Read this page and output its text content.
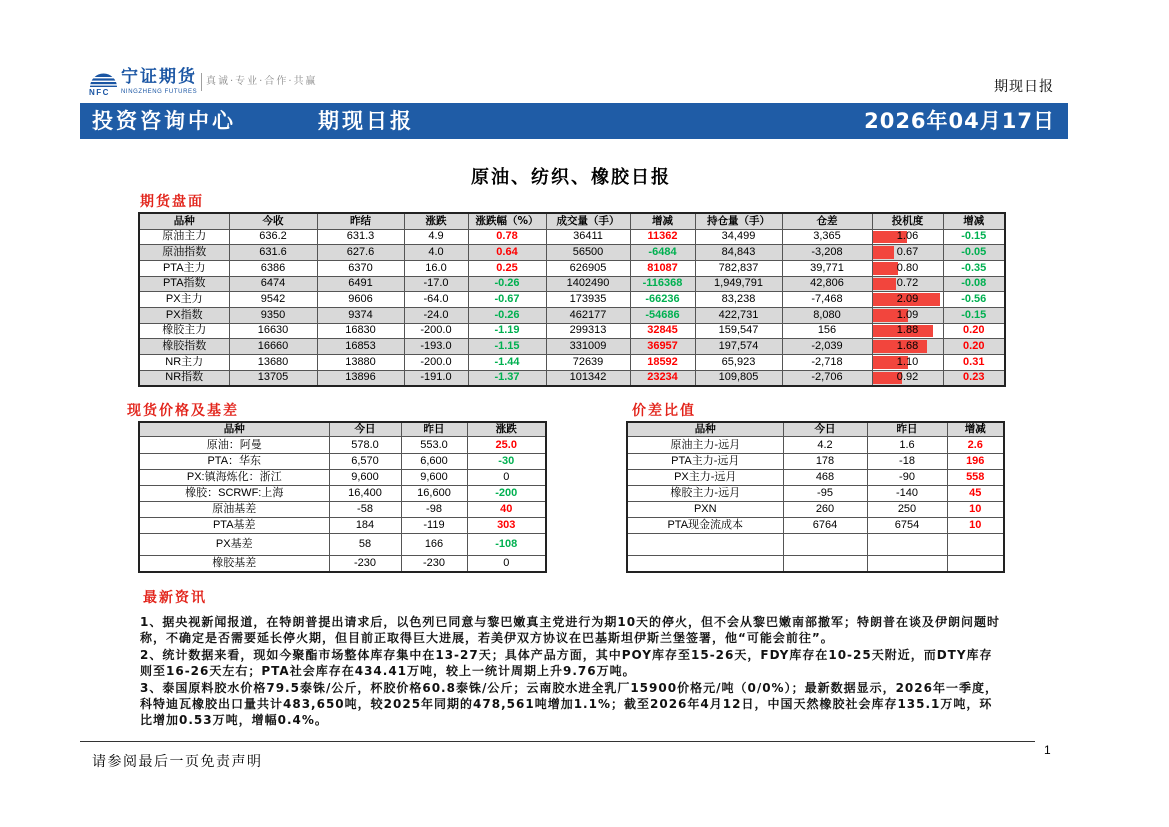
NFC
宁证期货
NINGZHENG FUTURES
真诚·专业·合作·共赢	期现日报
投资咨询中心	期现日报	2026年04月17日
原油、纺织、橡胶日报
期货盘面
品种	今收	昨结	涨跌	涨跌幅（%）	成交量（手）	增减	持仓量（手）	仓差	投机度	增减
原油主力	636.2	631.3	4.9	0.78	36411	11362	34,499	3,365	1.06	-0.15
原油指数	631.6	627.6	4.0	0.64	56500	-6484	84,843	-3,208	0.67	-0.05
PTA主力	6386	6370	16.0	0.25	626905	81087	782,837	39,771	0.80	-0.35
PTA指数	6474	6491	-17.0	-0.26	1402490	-116368	1,949,791	42,806	0.72	-0.08
PX主力	9542	9606	-64.0	-0.67	173935	-66236	83,238	-7,468	2.09	-0.56
PX指数	9350	9374	-24.0	-0.26	462177	-54686	422,731	8,080	1.09	-0.15
橡胶主力	16630	16830	-200.0	-1.19	299313	32845	159,547	156	1.88	0.20
橡胶指数	16660	16853	-193.0	-1.15	331009	36957	197,574	-2,039	1.68	0.20
NR主力	13680	13880	-200.0	-1.44	72639	18592	65,923	-2,718	1.10	0.31
NR指数	13705	13896	-191.0	-1.37	101342	23234	109,805	-2,706	0.92	0.23
现货价格及基差
品种	今日	昨日	涨跌
原油：阿曼	578.0	553.0	25.0
PTA：华东	6,570	6,600	-30
PX:镇海炼化：浙江	9,600	9,600	0
橡胶：SCRWF:上海	16,400	16,600	-200
原油基差	-58	-98	40
PTA基差	184	-119	303
PX基差	58	166	-108
橡胶基差	-230	-230	0
价差比值
品种	今日	昨日	增减
原油主力-远月	4.2	1.6	2.6
PTA主力-远月	178	-18	196
PX主力-远月	468	-90	558
橡胶主力-远月	-95	-140	45
PXN	260	250	10
PTA现金流成本	6764	6754	10

最新资讯

1、据央视新闻报道，在特朗普提出请求后，以色列已同意与黎巴嫩真主党进行为期10天的停火，但不会从黎巴嫩南部撤军；特朗普在谈及伊朗问题时称，不确定是否需要延长停火期，但目前正取得巨大进展，若美伊双方协议在巴基斯坦伊斯兰堡签署，他“可能会前往”。

2、统计数据来看，现如今聚酯市场整体库存集中在13-27天；具体产品方面，其中POY库存至15-26天，FDY库存在10-25天附近，而DTY库存则至16-26天左右；PTA社会库存在434.41万吨，较上一统计周期上升9.76万吨。

3、泰国原料胶水价格79.5泰铢/公斤，杯胶价格60.8泰铢/公斤；云南胶水进全乳厂15900价格元/吨（0/0%）；最新数据显示，2026年一季度，科特迪瓦橡胶出口量共计483,650吨，较2025年同期的478,561吨增加1.1%；截至2026年4月12日，中国天然橡胶社会库存135.1万吨，环比增加0.53万吨，增幅0.4%。

1
请参阅最后一页免责声明
